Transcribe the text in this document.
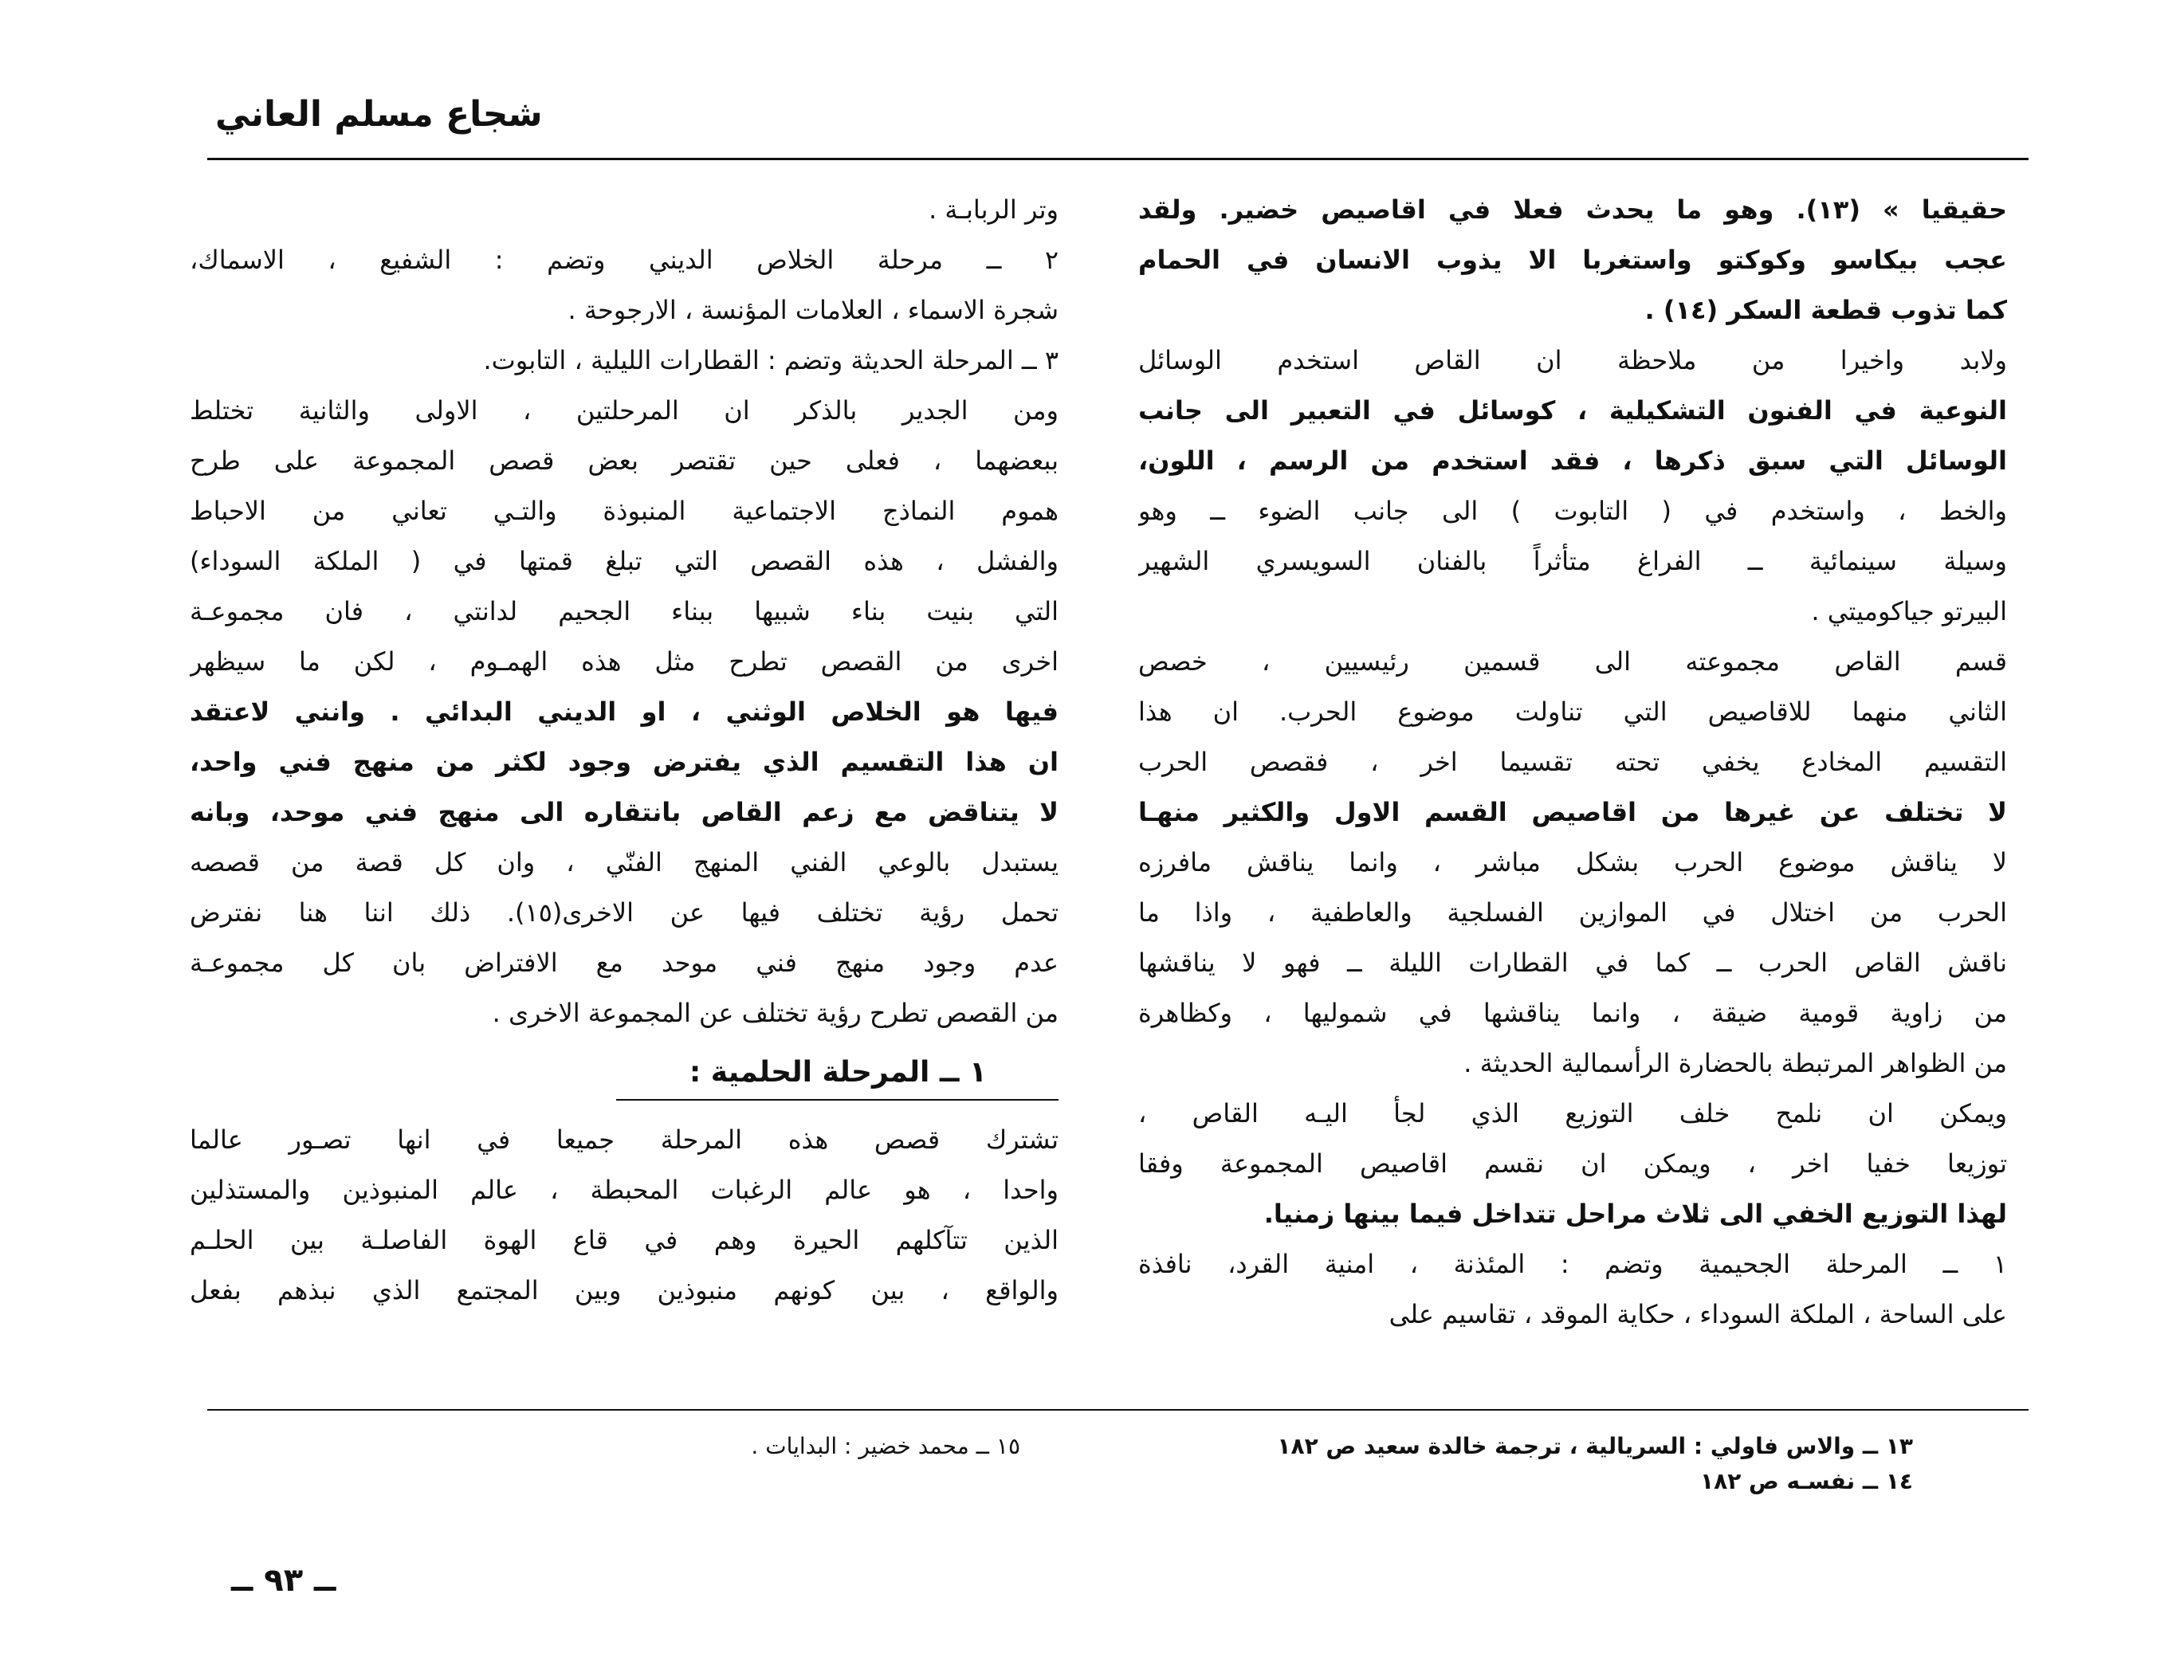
شجاع مسلم العاني
حقيقيا » (١٣). وهو ما يحدث فعلا في اقاصيص خضير. ولقد
عجب بيكاسو وكوكتو واستغربا الا يذوب الانسان في الحمام
كما تذوب قطعة السكر (١٤) .
ولابد واخيرا من ملاحظة ان القاص استخدم الوسائل
النوعية في الفنون التشكيلية ، كوسائل في التعبير الى جانب
الوسائل التي سبق ذكرها ، فقد استخدم من الرسم ، اللون،
والخط ، واستخدم في ( التابوت ) الى جانب الضوء ــ وهو
وسيلة سينمائية ــ الفراغ متأثراً بالفنان السويسري الشهير
البيرتو جياكوميتي .
قسم القاص مجموعته الى قسمين رئيسيين ، خصص
الثاني منهما للاقاصيص التي تناولت موضوع الحرب. ان هذا
التقسيم المخادع يخفي تحته تقسيما اخر ، فقصص الحرب
لا تختلف عن غيرها من اقاصيص القسم الاول والكثير منهـا
لا يناقش موضوع الحرب بشكل مباشر ، وانما يناقش مافرزه
الحرب من اختلال في الموازين الفسلجية والعاطفية ، واذا ما
ناقش القاص الحرب ــ كما في القطارات الليلة ــ فهو لا يناقشها
من زاوية قومية ضيقة ، وانما يناقشها في شموليها ، وكظاهرة
من الظواهر المرتبطة بالحضارة الرأسمالية الحديثة .
ويمكن ان نلمح خلف التوزيع الذي لجأ اليـه القاص ،
توزيعا خفيا اخر ، ويمكن ان نقسم اقاصيص المجموعة وفقا
لهذا التوزيع الخفي الى ثلاث مراحل تتداخل فيما بينها زمنيا.
١ ــ المرحلة الجحيمية وتضم : المئذنة ، امنية القرد، نافذة
على الساحة ، الملكة السوداء ، حكاية الموقد ، تقاسيم على
وتر الربابـة .
٢ ــ مرحلة الخلاص الديني وتضم : الشفيع ، الاسماك،
شجرة الاسماء ، العلامات المؤنسة ، الارجوحة .
٣ ــ المرحلة الحديثة وتضم : القطارات الليلية ، التابوت.
ومن الجدير بالذكر ان المرحلتين ، الاولى والثانية تختلط
ببعضهما ، فعلى حين تقتصر بعض قصص المجموعة على طرح
هموم النماذج الاجتماعية المنبوذة والتـي تعاني من الاحباط
والفشل ، هذه القصص التي تبلغ قمتها في ( الملكة السوداء)
التي بنيت بناء شبيها ببناء الجحيم لدانتي ، فان مجموعـة
اخرى من القصص تطرح مثل هذه الهمـوم ، لكن ما سيظهر
فيها هو الخلاص الوثني ، او الديني البدائي . وانني لاعتقد
ان هذا التقسيم الذي يفترض وجود لكثر من منهج فني واحد،
لا يتناقض مع زعم القاص بانتقاره الى منهج فني موحد، وبانه
يستبدل بالوعي الفني المنهج الفنّي ، وان كل قصة من قصصه
تحمل رؤية تختلف فيها عن الاخرى(١٥). ذلك اننا هنا نفترض
عدم وجود منهج فني موحد مع الافتراض بان كل مجموعـة
من القصص تطرح رؤية تختلف عن المجموعة الاخرى .
١ ــ المرحلة الحلمية :
تشترك قصص هذه المرحلة جميعا في انها تصـور عالما
واحدا ، هو عالم الرغبات المحبطة ، عالم المنبوذين والمستذلين
الذين تتآكلهم الحيرة وهم في قاع الهوة الفاصلـة بين الحلـم
والواقع ، بين كونهم منبوذين وبين المجتمع الذي نبذهم بفعل
١٣ ــ والاس فاولي : السريالية ، ترجمة خالدة سعيد ص ١٨٢
١٤ ــ نفسـه ص ١٨٢
١٥ ــ محمد خضير : البدايات .
ــ ٩٣ ــ
